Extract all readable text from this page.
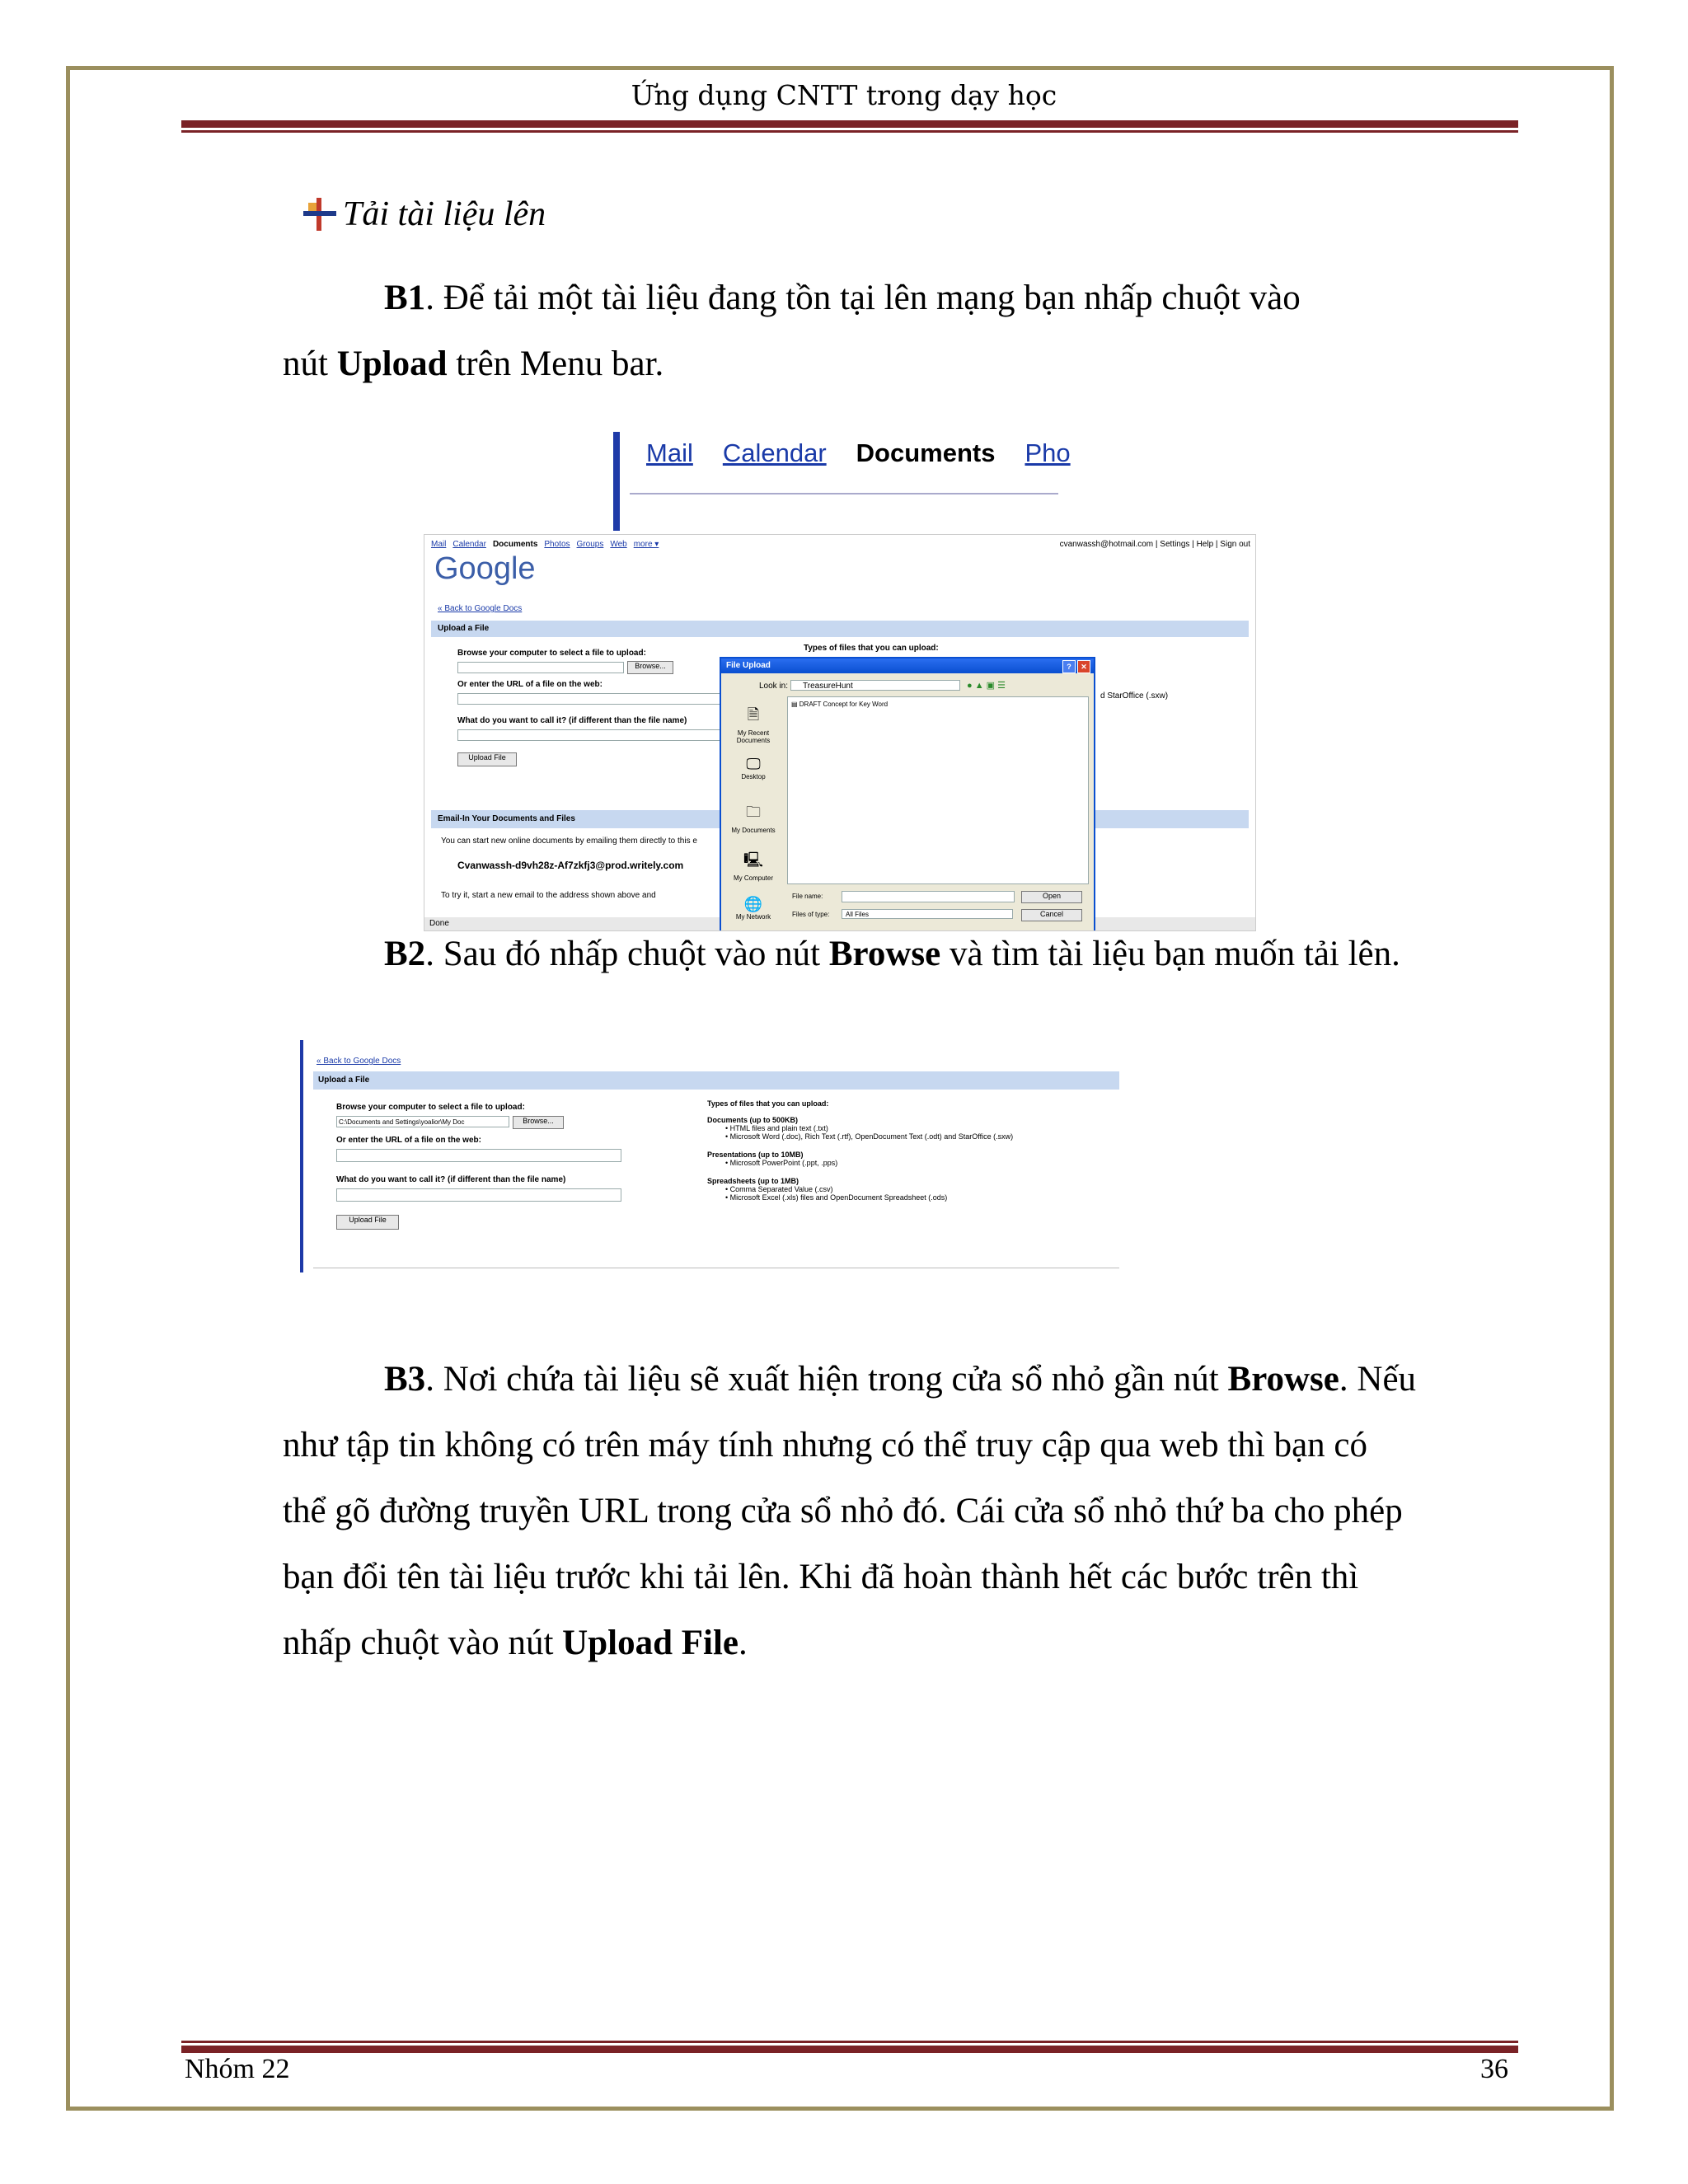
Ứng dụng CNTT trong dạy học
Tải tài liệu lên
B1. Để tải một tài liệu đang tồn tại lên mạng bạn nhấp chuột vào
nút Upload trên Menu bar.
Mail Calendar Documents Pho
Mail Calendar Documents Photos Groups Web more ▾	cvanwassh@hotmail.com | Settings | Help | Sign out
Google
« Back to Google Docs
Upload a File
Browse your computer to select a file to upload:
Browse...
Or enter the URL of a file on the web:
What do you want to call it? (if different than the file name)
Upload File
Types of files that you can upload:
d StarOffice (.sxw)
Email-In Your Documents and Files
You can start new online documents by emailing them directly to this e
Cvanwassh-d9vh28z-Af7zkfj3@prod.writely.com
To try it, start a new email to the address shown above and
Done
File Upload	?	✕
Look in:	TreasureHunt	● ▲ ▣ ☰
🗎
My Recent Documents
🖵
Desktop
🗀
My Documents
🖳
My Computer
🌐
My Network
▤ DRAFT Concept for Key Word
File name:	Open
Files of type:	All Files	Cancel
B2. Sau đó nhấp chuột vào nút Browse và tìm tài liệu bạn muốn tải lên.
« Back to Google Docs
Upload a File
Browse your computer to select a file to upload:
C:\Documents and Settings\yoalior\My Doc	Browse...
Or enter the URL of a file on the web:
What do you want to call it? (if different than the file name)
Upload File
Types of files that you can upload:
Documents (up to 500KB)
• HTML files and plain text (.txt)
• Microsoft Word (.doc), Rich Text (.rtf), OpenDocument Text (.odt) and StarOffice (.sxw)
Presentations (up to 10MB)
• Microsoft PowerPoint (.ppt, .pps)
Spreadsheets (up to 1MB)
• Comma Separated Value (.csv)
• Microsoft Excel (.xls) files and OpenDocument Spreadsheet (.ods)
B3. Nơi chứa tài liệu sẽ xuất hiện trong cửa sổ nhỏ gần nút Browse. Nếu
như tập tin không có trên máy tính nhưng có thể truy cập qua web thì bạn có
thể gõ đường truyền URL trong cửa sổ nhỏ đó. Cái cửa sổ nhỏ thứ ba cho phép
bạn đổi tên tài liệu trước khi tải lên. Khi đã hoàn thành hết các bước trên thì
nhấp chuột vào nút Upload File.
Nhóm 22	36
